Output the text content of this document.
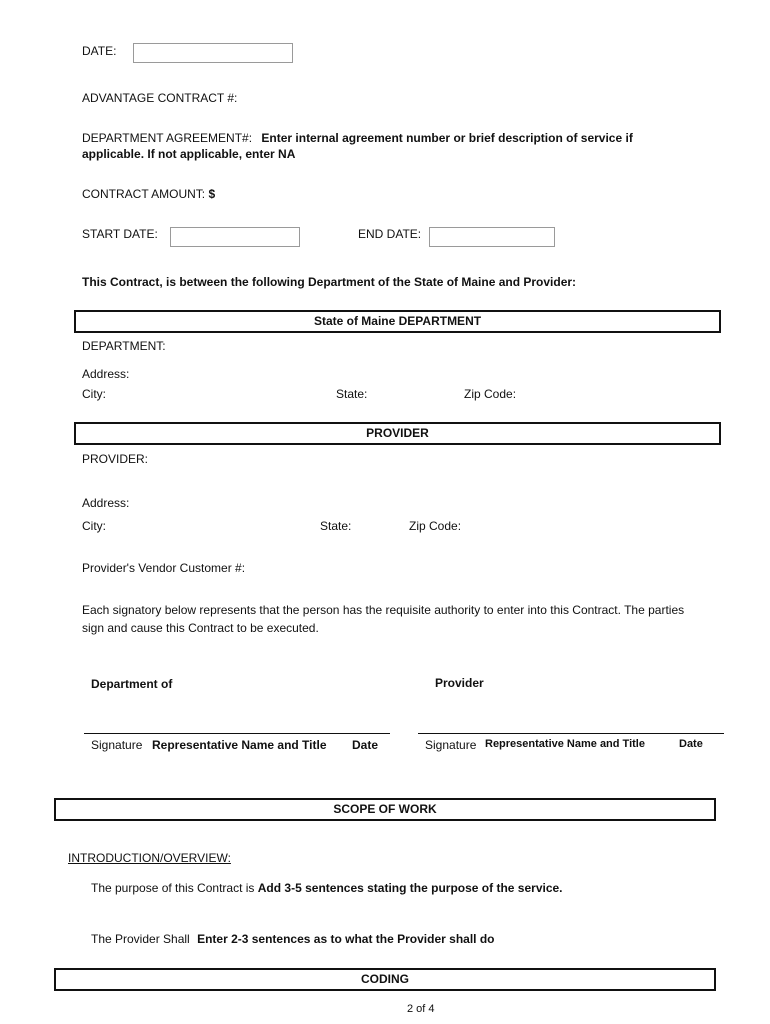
DATE:
ADVANTAGE CONTRACT #:
DEPARTMENT AGREEMENT#: Enter internal agreement number or brief description of service if
applicable. If not applicable, enter NA
CONTRACT AMOUNT: $
START DATE:	END DATE:
This Contract, is between the following Department of the State of Maine and Provider:
State of Maine DEPARTMENT
DEPARTMENT:
Address:
City:	State:	Zip Code:
PROVIDER
PROVIDER:
Address:
City:	State:	Zip Code:
Provider's Vendor Customer #:
Each signatory below represents that the person has the requisite authority to enter into this Contract. The parties
sign and cause this Contract to be executed.
Department of	Provider
Signature Representative Name and Title Date	Signature Representative Name and Title	Date
SCOPE OF WORK
INTRODUCTION/OVERVIEW:
The purpose of this Contract is Add 3-5 sentences stating the purpose of the service.
The Provider Shall Enter 2-3 sentences as to what the Provider shall do
CODING
2 of 4
